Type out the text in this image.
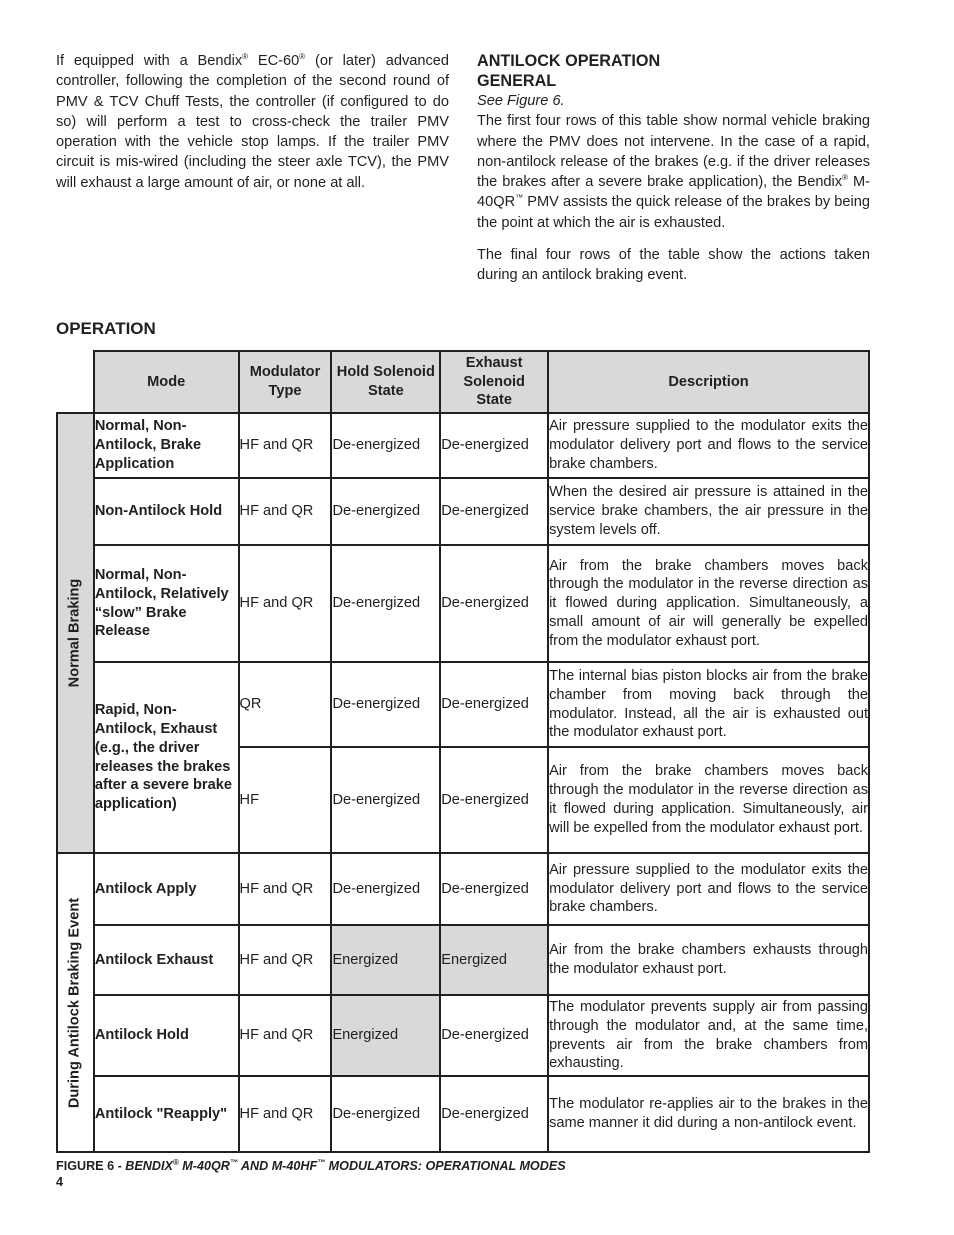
If equipped with a Bendix® EC-60® (or later) advanced controller, following the completion of the second round of PMV & TCV Chuff Tests, the controller (if configured to do so) will perform a test to cross-check the trailer PMV operation with the vehicle stop lamps. If the trailer PMV circuit is mis-wired (including the steer axle TCV), the PMV will exhaust a large amount of air, or none at all.

ANTILOCK OPERATION

GENERAL

See Figure 6.

The first four rows of this table show normal vehicle braking where the PMV does not intervene. In the case of a rapid, non-antilock release of the brakes (e.g. if the driver releases the brakes after a severe brake application), the Bendix® M-40QR™ PMV assists the quick release of the brakes by being the point at which the air is exhausted.

The final four rows of the table show the actions taken during an antilock braking event.

OPERATION
	Mode	Modulator Type	Hold Solenoid State	Exhaust Solenoid State	Description

Normal Braking	Normal, Non-Antilock, Brake Application	HF and QR	De-energized	De-energized	Air pressure supplied to the modulator exits the modulator delivery port and flows to the service brake chambers.
	Non-Antilock Hold	HF and QR	De-energized	De-energized	When the desired air pressure is attained in the service brake chambers, the air pressure in the system levels off.
	Normal, Non-Antilock, Relatively “slow” Brake Release	HF and QR	De-energized	De-energized	Air from the brake chambers moves back through the modulator in the reverse direction as it flowed during application. Simultaneously, a small amount of air will generally be expelled from the modulator exhaust port.
	Rapid, Non-Antilock, Exhaust (e.g., the driver releases the brakes after a severe brake application)	QR	De-energized	De-energized	The internal bias piston blocks air from the brake chamber from moving back through the modulator. Instead, all the air is exhausted out the modulator exhaust port.
		HF	De-energized	De-energized	Air from the brake chambers moves back through the modulator in the reverse direction as it flowed during application. Simultaneously, air will be expelled from the modulator exhaust port.

During Antilock Braking Event	Antilock Apply	HF and QR	De-energized	De-energized	Air pressure supplied to the modulator exits the modulator delivery port and flows to the service brake chambers.
	Antilock Exhaust	HF and QR	Energized	Energized	Air from the brake chambers exhausts through the modulator exhaust port.
	Antilock Hold	HF and QR	Energized	De-energized	The modulator prevents supply air from passing through the modulator and, at the same time, prevents air from the brake chambers from exhausting.
	Antilock "Reapply"	HF and QR	De-energized	De-energized	The modulator re-applies air to the brakes in the same manner it did during a non-antilock event.
FIGURE 6 - BENDIX® M-40QR™ AND M-40HF™ MODULATORS: OPERATIONAL MODES
4
